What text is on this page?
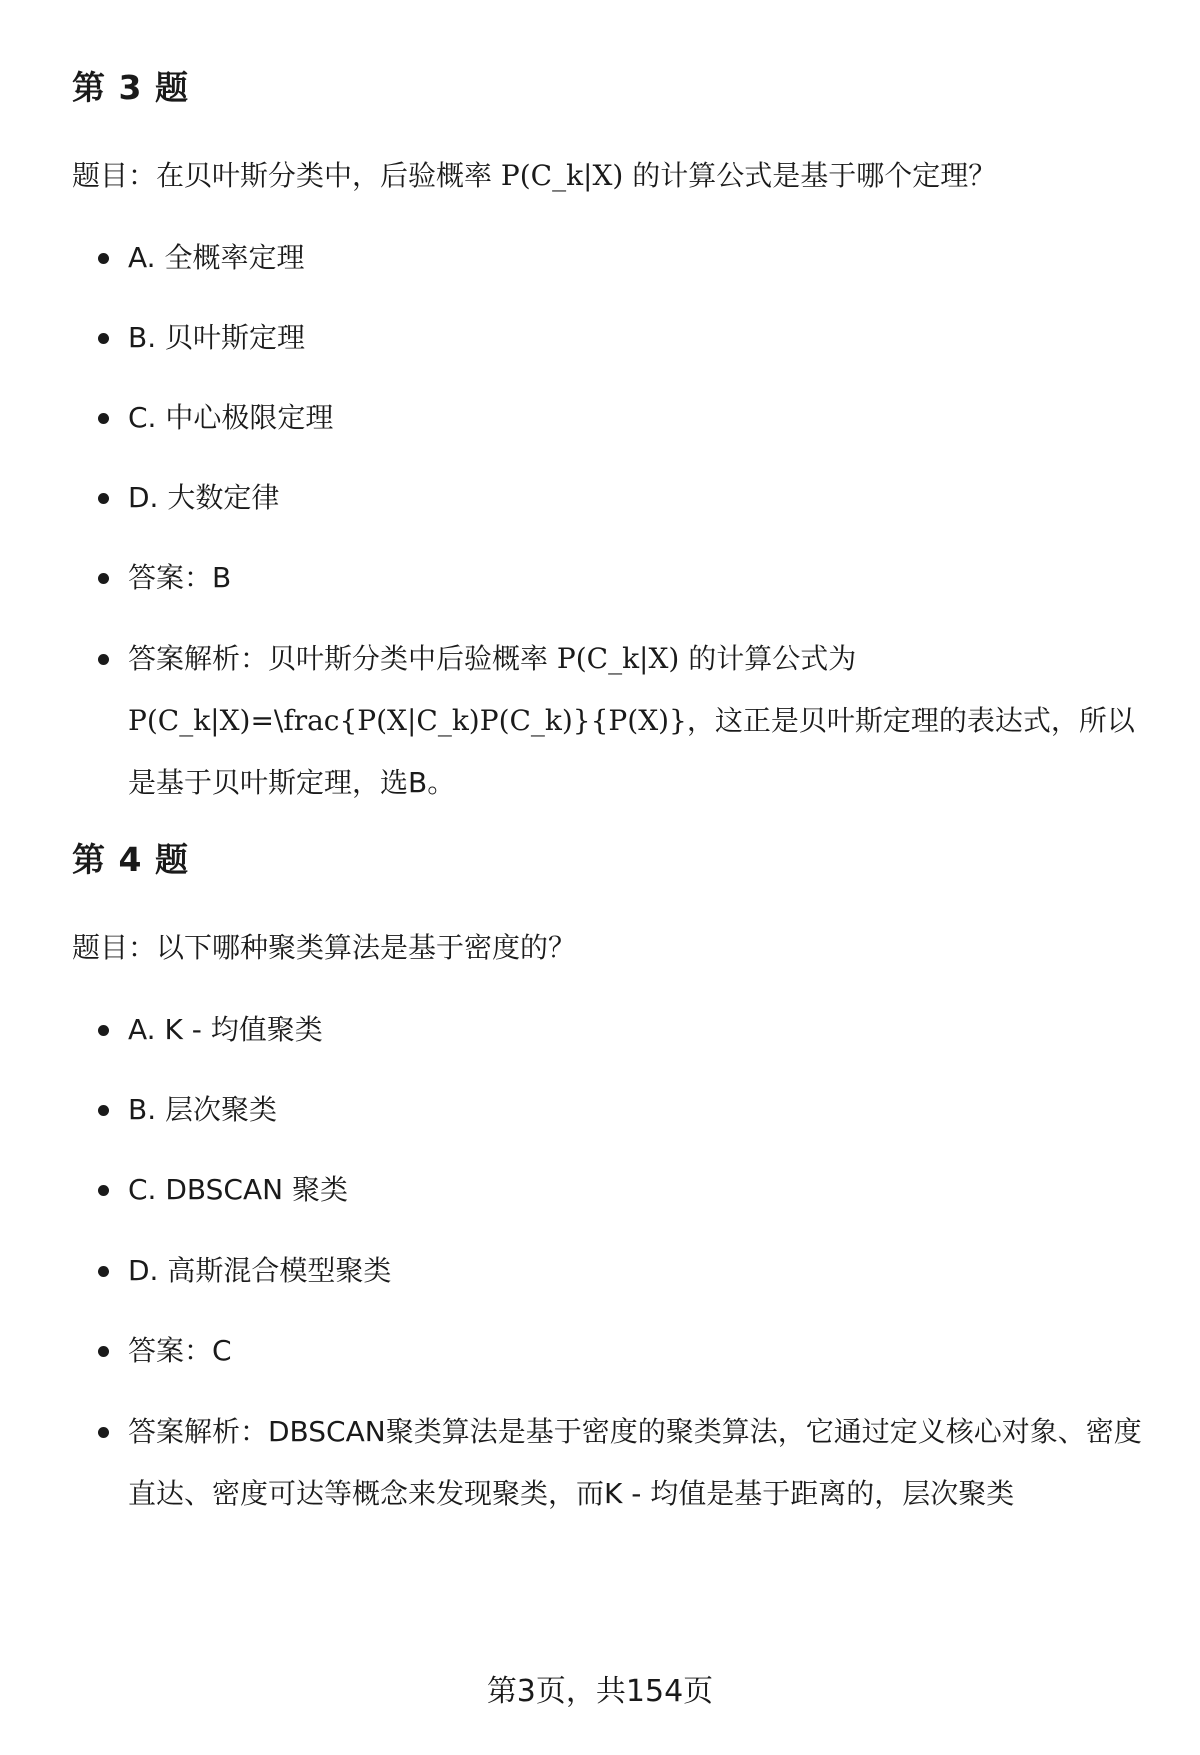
第 3 题

题目：在贝叶斯分类中，后验概率 P(C_k|X) 的计算公式是基于哪个定理？

A. 全概率定理
B. 贝叶斯定理
C. 中心极限定理
D. 大数定律
答案：B
答案解析：贝叶斯分类中后验概率 P(C_k|X) 的计算公式为 P(C_k|X)=\frac{P(X|C_k)P(C_k)}{P(X)}，这正是贝叶斯定理的表达式，所以是基于贝叶斯定理，选B。
第 4 题

题目：以下哪种聚类算法是基于密度的？

A. K - 均值聚类
B. 层次聚类
C. DBSCAN 聚类
D. 高斯混合模型聚类
答案：C
答案解析：DBSCAN聚类算法是基于密度的聚类算法，它通过定义核心对象、密度直达、密度可达等概念来发现聚类，而K - 均值是基于距离的，层次聚类
第3页，共154页
